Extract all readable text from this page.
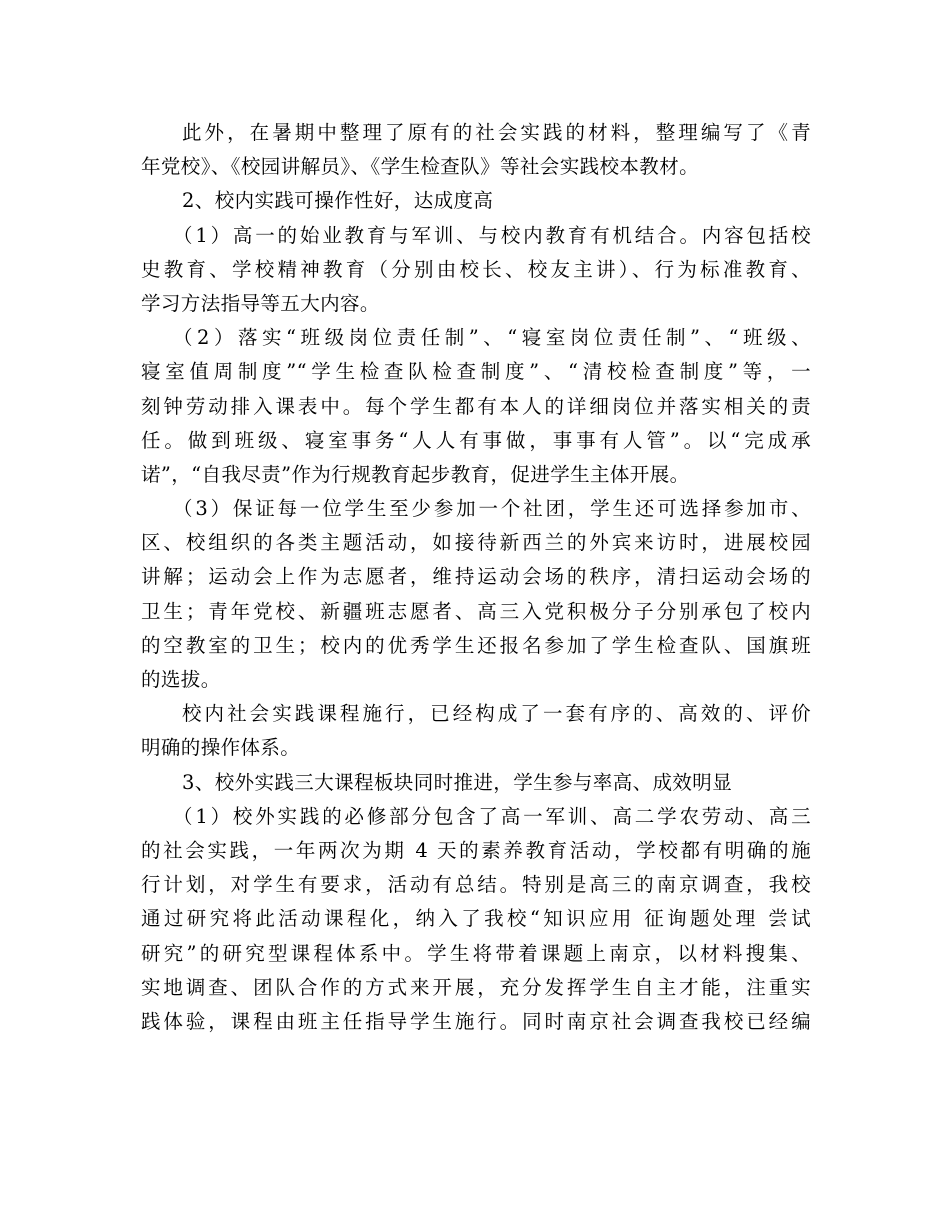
此外，在暑期中整理了原有的社会实践的材料，整理编写了《青
年党校》、《校园讲解员》、《学生检查队》等社会实践校本教材。
2、校内实践可操作性好，达成度高
（1）高一的始业教育与军训、与校内教育有机结合。内容包括校
史教育、学校精神教育（分别由校长、校友主讲）、行为标准教育、
学习方法指导等五大内容。
（2）落实“班级岗位责任制”、“寝室岗位责任制”、“班级、
寝室值周制度”“学生检查队检查制度”、“清校检查制度”等，一
刻钟劳动排入课表中。每个学生都有本人的详细岗位并落实相关的责
任。做到班级、寝室事务“人人有事做，事事有人管”。以“完成承
诺”，“自我尽责”作为行规教育起步教育，促进学生主体开展。
（3）保证每一位学生至少参加一个社团，学生还可选择参加市、
区、校组织的各类主题活动，如接待新西兰的外宾来访时，进展校园
讲解；运动会上作为志愿者，维持运动会场的秩序，清扫运动会场的
卫生；青年党校、新疆班志愿者、高三入党积极分子分别承包了校内
的空教室的卫生；校内的优秀学生还报名参加了学生检查队、国旗班
的选拔。
校内社会实践课程施行，已经构成了一套有序的、高效的、评价
明确的操作体系。
3、校外实践三大课程板块同时推进，学生参与率高、成效明显
（1）校外实践的必修部分包含了高一军训、高二学农劳动、高三
的社会实践，一年两次为期 4 天的素养教育活动，学校都有明确的施
行计划，对学生有要求，活动有总结。特别是高三的南京调查，我校
通过研究将此活动课程化，纳入了我校“知识应用 征询题处理 尝试
研究”的研究型课程体系中。学生将带着课题上南京，以材料搜集、
实地调查、团队合作的方式来开展，充分发挥学生自主才能，注重实
践体验，课程由班主任指导学生施行。同时南京社会调查我校已经编
